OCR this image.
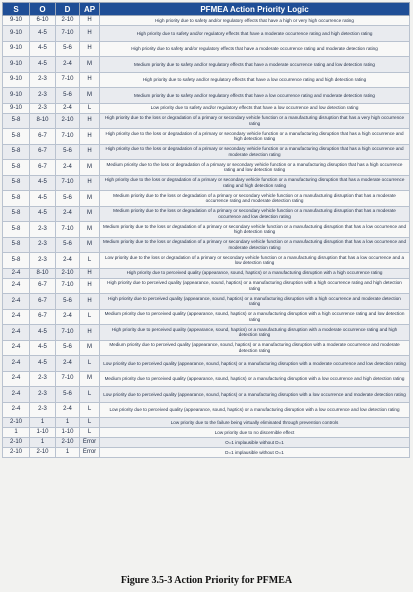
S	O	D	AP	PFMEA Action Priority Logic
9-10	6-10	2-10	H	High priority due to safety and/or regulatory effects that have a high or very high occurrence rating
9-10	4-5	7-10	H	High priority due to safety and/or regulatory effects that have a moderate occurrence rating and high detection rating
9-10	4-5	5-6	H	High priority due to safety and/or regulatory effects that have a moderate occurrence rating and moderate detection rating
9-10	4-5	2-4	M	Medium priority due to safety and/or regulatory effects that have a moderate occurrence rating and low detection rating
9-10	2-3	7-10	H	High priority due to safety and/or regulatory effects that have a low occurrence rating and high detection rating
9-10	2-3	5-6	M	Medium priority due to safety and/or regulatory effects that have a low occurrence rating and moderate detection rating
9-10	2-3	2-4	L	Low priority due to safety and/or regulatory effects that have a low occurrence and low detection rating
5-8	8-10	2-10	H	High priority due to the loss or degradation of a primary or secondary vehicle function or a manufacturing disruption that has a very high occurrence rating
5-8	6-7	7-10	H	High priority due to the loss or degradation of a primary or secondary vehicle function or a manufacturing disruption that has a high occurrence and high detection rating
5-8	6-7	5-6	H	High priority due to the loss or degradation of a primary or secondary vehicle function or a manufacturing disruption that has a high occurrence and moderate detection rating
5-8	6-7	2-4	M	Medium priority due to the loss or degradation of a primary or secondary vehicle function or a manufacturing disruption that has a high occurrence rating and low detection rating
5-8	4-5	7-10	H	High priority due to the loss or degradation of a primary or secondary vehicle function or a manufacturing disruption that has a moderate occurrence rating and high detection rating
5-8	4-5	5-6	M	Medium priority due to the loss or degradation of a primary or secondary vehicle function or a manufacturing disruption that has a moderate occurrence rating and moderate detection rating
5-8	4-5	2-4	M	Medium priority due to the loss or degradation of a primary or secondary vehicle function or a manufacturing disruption that has a moderate occurrence and low detection rating
5-8	2-3	7-10	M	Medium priority due to the loss or degradation of a primary or secondary vehicle function or a manufacturing disruption that has a low occurrence and high detection rating
5-8	2-3	5-6	M	Medium priority due to the loss or degradation of a primary or secondary vehicle function or a manufacturing disruption that has a low occurrence and moderate detection rating
5-8	2-3	2-4	L	Low priority due to the loss or degradation of a primary or secondary vehicle function or a manufacturing disruption that has a low occurrence and a low detection rating
2-4	8-10	2-10	H	High priority due to perceived quality (appearance, sound, haptics) or a manufacturing disruption with a high occurrence rating
2-4	6-7	7-10	H	High priority due to perceived quality (appearance, sound, haptics) or a manufacturing disruption with a high occurrence rating and high detection rating
2-4	6-7	5-6	H	High priority due to perceived quality (appearance, sound, haptics) or a manufacturing disruption with a high occurrence and moderate detection rating
2-4	6-7	2-4	L	Medium priority due to perceived quality (appearance, sound, haptics) or a manufacturing disruption with a high occurrence rating and low detection rating
2-4	4-5	7-10	H	High priority due to perceived quality (appearance, sound, haptics) or a manufacturing disruption with a moderate occurrence rating and high detection rating
2-4	4-5	5-6	M	Medium priority due to perceived quality (appearance, sound, haptics) or a manufacturing disruption with a moderate occurrence and moderate detection rating
2-4	4-5	2-4	L	Low priority due to perceived quality (appearance, sound, haptics) or a manufacturing disruption with a moderate occurrence and low detection rating
2-4	2-3	7-10	M	Medium priority due to perceived quality (appearance, sound, haptics) or a manufacturing disruption with a low occurrence and high detection rating
2-4	2-3	5-6	L	Low priority due to perceived quality (appearance, sound, haptics) or a manufacturing disruption with a low occurrence and moderate detection rating
2-4	2-3	2-4	L	Low priority due to perceived quality (appearance, sound, haptics) or a manufacturing disruption with a low occurrence and low detection rating
2-10	1	1	L	Low priority due to the failure being virtually eliminated through prevention controls
1	1-10	1-10	L	Low priority due to no discernible effect
2-10	1	2-10	Error	O=1 implausible without D=1
2-10	2-10	1	Error	D=1 implausible without O=1
Figure 3.5-3 Action Priority for PFMEA
